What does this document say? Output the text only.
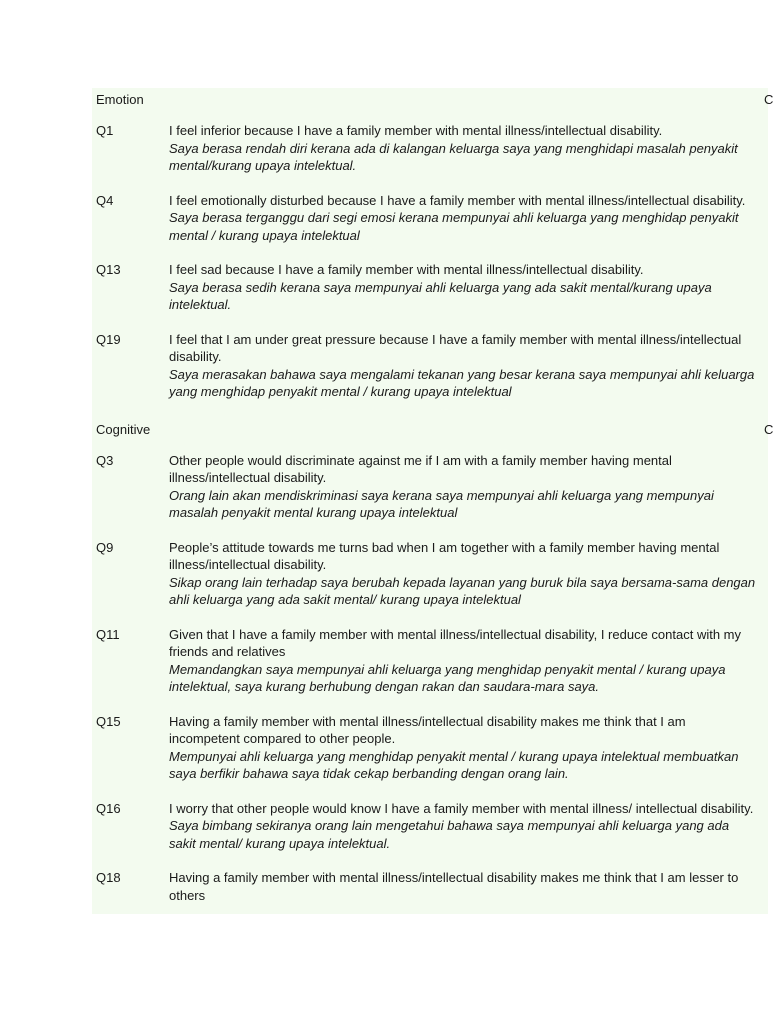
Emotion	C
Q1	I feel inferior because I have a family member with mental illness/intellectual disability.
Saya berasa rendah diri kerana ada di kalangan keluarga saya yang menghidapi masalah penyakit mental/kurang upaya intelektual.
Q4	I feel emotionally disturbed because I have a family member with mental illness/intellectual disability.
Saya berasa terganggu dari segi emosi kerana mempunyai ahli keluarga yang menghidap penyakit mental / kurang upaya intelektual
Q13	I feel sad because I have a family member with mental illness/intellectual disability.
Saya berasa sedih kerana saya mempunyai ahli keluarga yang ada sakit mental/kurang upaya intelektual.
Q19	I feel that I am under great pressure because I have a family member with mental illness/intellectual disability.
Saya merasakan bahawa saya mengalami tekanan yang besar kerana saya mempunyai ahli keluarga yang menghidap penyakit mental / kurang upaya intelektual
Cognitive	C
Q3	Other people would discriminate against me if I am with a family member having mental illness/intellectual disability.
Orang lain akan mendiskriminasi saya kerana saya mempunyai ahli keluarga yang mempunyai masalah penyakit mental kurang upaya intelektual
Q9	People’s attitude towards me turns bad when I am together with a family member having mental illness/intellectual disability.
Sikap orang lain terhadap saya berubah kepada layanan yang buruk bila saya bersama-sama dengan ahli keluarga yang ada sakit mental/ kurang upaya intelektual
Q11	Given that I have a family member with mental illness/intellectual disability, I reduce contact with my friends and relatives
Memandangkan saya mempunyai ahli keluarga yang menghidap penyakit mental / kurang upaya intelektual, saya kurang berhubung dengan rakan dan saudara-mara saya.
Q15	Having a family member with mental illness/intellectual disability makes me think that I am incompetent compared to other people.
Mempunyai ahli keluarga yang menghidap penyakit mental / kurang upaya intelektual membuatkan saya berfikir bahawa saya tidak cekap berbanding dengan orang lain.
Q16	I worry that other people would know I have a family member with mental illness/ intellectual disability.
Saya bimbang sekiranya orang lain mengetahui bahawa saya mempunyai ahli keluarga yang ada sakit mental/ kurang upaya intelektual.
Q18	Having a family member with mental illness/intellectual disability makes me think that I am lesser to others
